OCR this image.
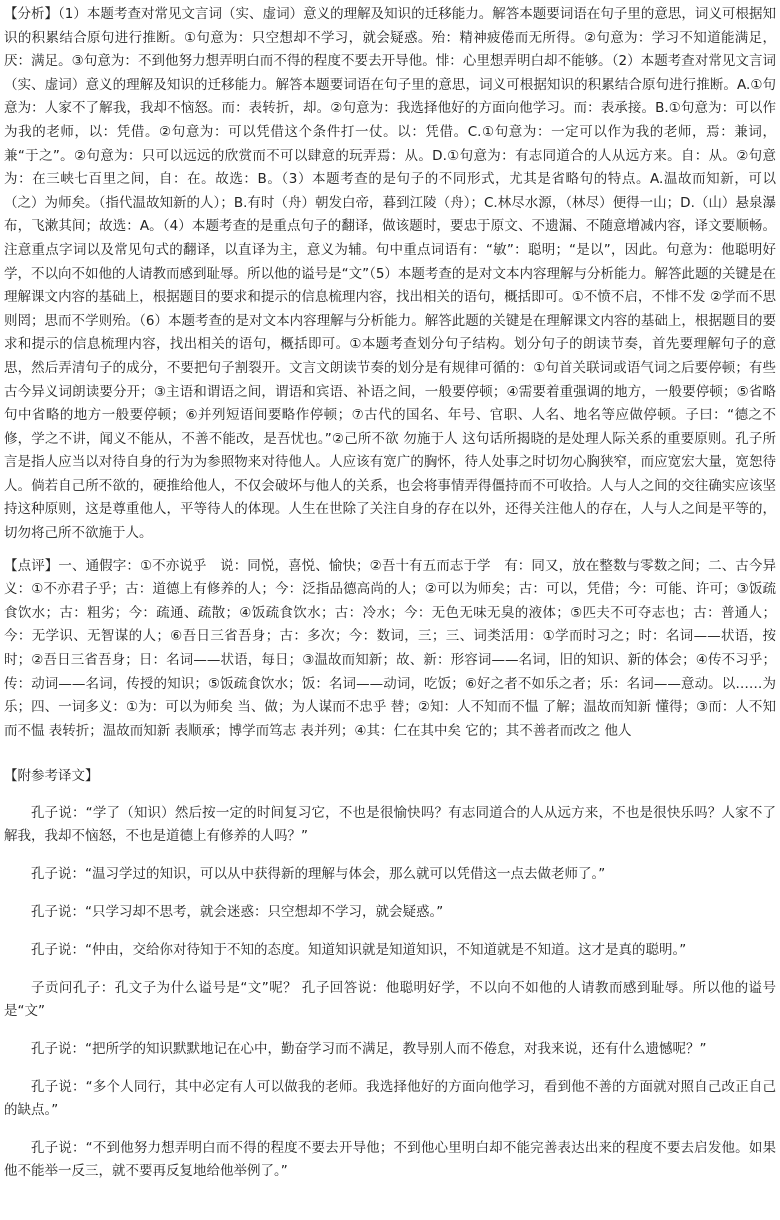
【分析】（1）本题考查对常见文言词（实、虚词）意义的理解及知识的迁移能力。解答本题要词语在句子里的意思，词义可根据知识的积累结合原句进行推断。①句意为：只空想却不学习，就会疑惑。殆：精神疲倦而无所得。②句意为：学习不知道能满足，厌：满足。③句意为：不到他努力想弄明白而不得的程度不要去开导他。悱：心里想弄明白却不能够。（2）本题考查对常见文言词（实、虚词）意义的理解及知识的迁移能力。解答本题要词语在句子里的意思，词义可根据知识的积累结合原句进行推断。A.①句意为：人家不了解我，我却不恼怒。而：表转折，却。②句意为：我选择他好的方面向他学习。而：表承接。B.①句意为：可以作为我的老师，以：凭借。②句意为：可以凭借这个条件打一仗。以：凭借。C.①句意为：一定可以作为我的老师，焉：兼词，兼“于之”。②句意为：只可以远远的欣赏而不可以肆意的玩弄焉：从。D.①句意为：有志同道合的人从远方来。自：从。②句意为：在三峡七百里之间，自：在。故选：B。（3）本题考查的是句子的不同形式，尤其是省略句的特点。A.温故而知新，可以（之）为师矣。（指代温故知新的人）；B.有时（舟）朝发白帝，暮到江陵（舟）；C.林尽水源，（林尽）便得一山；D.（山）悬泉瀑布，飞漱其间；故选：A。（4）本题考查的是重点句子的翻译，做该题时，要忠于原文、不遗漏、不随意增减内容，译文要顺畅。注意重点字词以及常见句式的翻译，以直译为主，意义为辅。句中重点词语有：“敏”：聪明；“是以”，因此。句意为：他聪明好学，不以向不如他的人请教而感到耻辱。所以他的谥号是“文”（5）本题考查的是对文本内容理解与分析能力。解答此题的关键是在理解课文内容的基础上，根据题目的要求和提示的信息梳理内容，找出相关的语句，概括即可。①不愤不启，不悱不发 ②学而不思则罔；思而不学则殆。（6）本题考查的是对文本内容理解与分析能力。解答此题的关键是在理解课文内容的基础上，根据题目的要求和提示的信息梳理内容，找出相关的语句，概括即可。①本题考查划分句子结构。划分句子的朗读节奏，首先要理解句子的意思，然后弄清句子的成分，不要把句子割裂开。文言文朗读节奏的划分是有规律可循的：①句首关联词或语气词之后要停顿；有些古今异义词朗读要分开；③主语和谓语之间，谓语和宾语、补语之间，一般要停顿；④需要着重强调的地方，一般要停顿；⑤省略句中省略的地方一般要停顿；⑥并列短语间要略作停顿；⑦古代的国名、年号、官职、人名、地名等应做停顿。子曰：“德之不修，学之不讲，闻义不能从，不善不能改，是吾忧也。”②己所不欲 勿施于人 这句话所揭晓的是处理人际关系的重要原则。孔子所言是指人应当以对待自身的行为为参照物来对待他人。人应该有宽广的胸怀，待人处事之时切勿心胸狭窄，而应宽宏大量，宽恕待人。倘若自己所不欲的，硬推给他人，不仅会破坏与他人的关系，也会将事情弄得僵持而不可收拾。人与人之间的交往确实应该坚持这种原则，这是尊重他人，平等待人的体现。人生在世除了关注自身的存在以外，还得关注他人的存在，人与人之间是平等的，切勿将己所不欲施于人。

【点评】一、通假字：①不亦说乎　说：同悦，喜悦、愉快；②吾十有五而志于学　有：同又，放在整数与零数之间；二、古今异义：①不亦君子乎；古：道德上有修养的人；今：泛指品德高尚的人；②可以为师矣；古：可以，凭借；今：可能、许可；③饭疏食饮水；古：粗劣；今：疏通、疏散；④饭疏食饮水；古：冷水；今：无色无味无臭的液体；⑤匹夫不可夺志也；古：普通人；今：无学识、无智谋的人；⑥吾日三省吾身；古：多次；今：数词，三；三、词类活用：①学而时习之；时：名词——状语，按时；②吾日三省吾身；日：名词——状语，每日；③温故而知新；故、新：形容词——名词，旧的知识、新的体会；④传不习乎；传：动词——名词，传授的知识；⑤饭疏食饮水；饭：名词——动词，吃饭；⑥好之者不如乐之者；乐：名词——意动。以……为乐；四、一词多义：①为：可以为师矣 当、做；为人谋而不忠乎 替；②知：人不知而不愠 了解；温故而知新 懂得；③而：人不知而不愠 表转折；温故而知新 表顺承；博学而笃志 表并列；④其：仁在其中矣 它的；其不善者而改之 他人

【附参考译文】

孔子说：“学了（知识）然后按一定的时间复习它，不也是很愉快吗？有志同道合的人从远方来，不也是很快乐吗？人家不了解我，我却不恼怒，不也是道德上有修养的人吗？”

孔子说：“温习学过的知识，可以从中获得新的理解与体会，那么就可以凭借这一点去做老师了。”

孔子说：“只学习却不思考，就会迷惑：只空想却不学习，就会疑惑。”

孔子说：“仲由，交给你对待知于不知的态度。知道知识就是知道知识，不知道就是不知道。这才是真的聪明。”

子贡问孔子：孔文子为什么谥号是“文”呢？ 孔子回答说：他聪明好学，不以向不如他的人请教而感到耻辱。所以他的谥号是“文”

孔子说：“把所学的知识默默地记在心中，勤奋学习而不满足，教导别人而不倦怠，对我来说，还有什么遗憾呢？”

孔子说：“多个人同行，其中必定有人可以做我的老师。我选择他好的方面向他学习，看到他不善的方面就对照自己改正自己的缺点。”

孔子说：“不到他努力想弄明白而不得的程度不要去开导他；不到他心里明白却不能完善表达出来的程度不要去启发他。如果他不能举一反三，就不要再反复地给他举例了。”
